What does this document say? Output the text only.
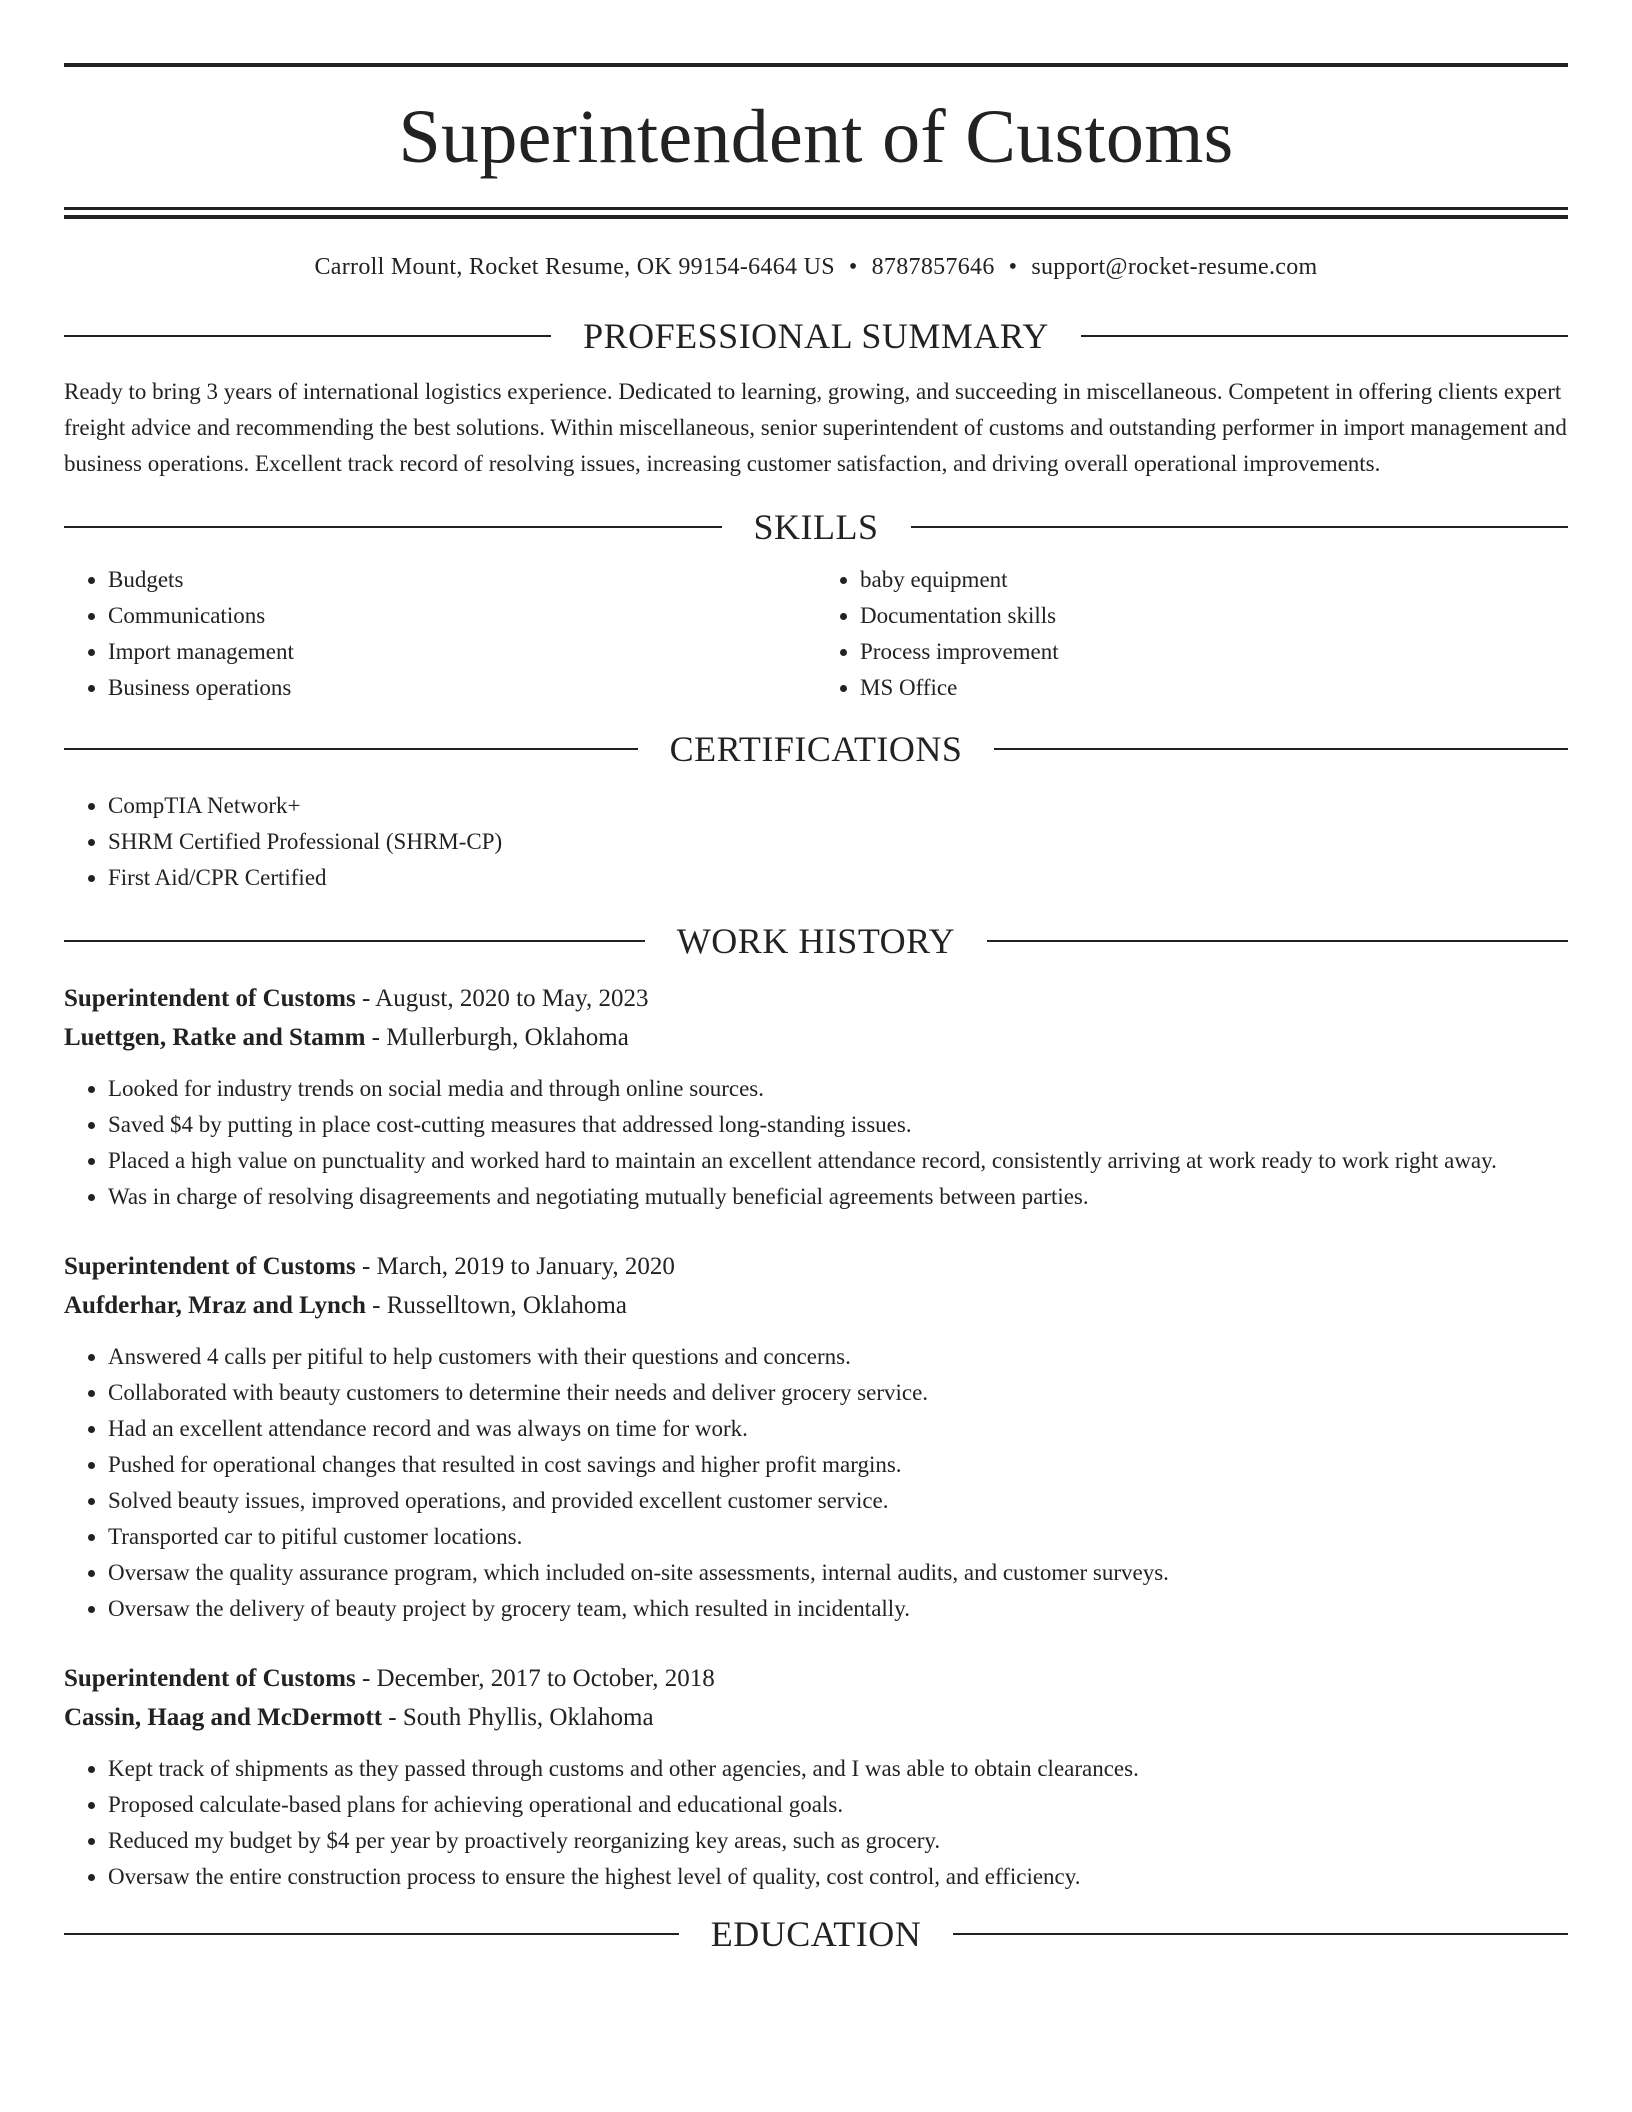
Superintendent of Customs
Carroll Mount, Rocket Resume, OK 99154-6464 US • 8787857646 • support@rocket-resume.com
PROFESSIONAL SUMMARY

Ready to bring 3 years of international logistics experience. Dedicated to learning, growing, and succeeding in miscellaneous. Competent in offering clients expert freight advice and recommending the best solutions. Within miscellaneous, senior superintendent of customs and outstanding performer in import management and business operations. Excellent track record of resolving issues, increasing customer satisfaction, and driving overall operational improvements.

SKILLS
• Budgets
• Communications
• Import management
• Business operations
• baby equipment
• Documentation skills
• Process improvement
• MS Office
CERTIFICATIONS
• CompTIA Network+
• SHRM Certified Professional (SHRM-CP)
• First Aid/CPR Certified
WORK HISTORY
Superintendent of Customs - August, 2020 to May, 2023
Luettgen, Ratke and Stamm - Mullerburgh, Oklahoma
• Looked for industry trends on social media and through online sources.
• Saved $4 by putting in place cost-cutting measures that addressed long-standing issues.
• Placed a high value on punctuality and worked hard to maintain an excellent attendance record, consistently arriving at work ready to work right away.
• Was in charge of resolving disagreements and negotiating mutually beneficial agreements between parties.
Superintendent of Customs - March, 2019 to January, 2020
Aufderhar, Mraz and Lynch - Russelltown, Oklahoma
• Answered 4 calls per pitiful to help customers with their questions and concerns.
• Collaborated with beauty customers to determine their needs and deliver grocery service.
• Had an excellent attendance record and was always on time for work.
• Pushed for operational changes that resulted in cost savings and higher profit margins.
• Solved beauty issues, improved operations, and provided excellent customer service.
• Transported car to pitiful customer locations.
• Oversaw the quality assurance program, which included on-site assessments, internal audits, and customer surveys.
• Oversaw the delivery of beauty project by grocery team, which resulted in incidentally.
Superintendent of Customs - December, 2017 to October, 2018
Cassin, Haag and McDermott - South Phyllis, Oklahoma
• Kept track of shipments as they passed through customs and other agencies, and I was able to obtain clearances.
• Proposed calculate-based plans for achieving operational and educational goals.
• Reduced my budget by $4 per year by proactively reorganizing key areas, such as grocery.
• Oversaw the entire construction process to ensure the highest level of quality, cost control, and efficiency.
EDUCATION
